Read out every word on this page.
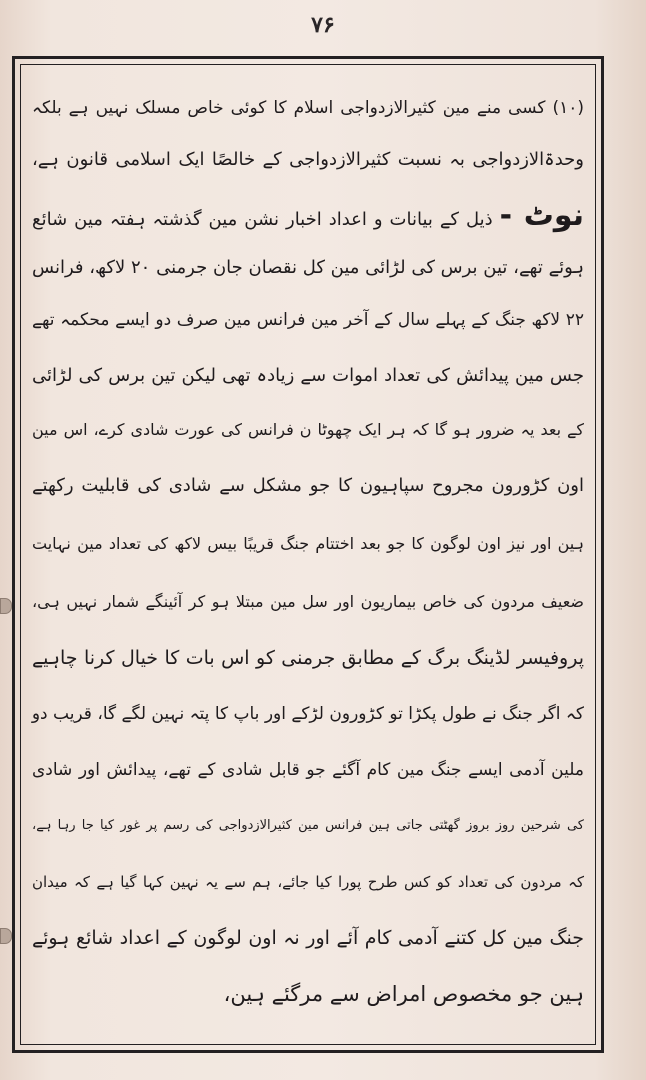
۷۶
(۱۰) کسی منے مین کثیرالازدواجی اسلام کا کوئی خاص مسلک نہیں ہے بلکہ
وحدۃالازدواجی بہ نسبت کثیرالازدواجی کے خالصًا ایک اسلامی قانون ہے،
نوٹ - ذیل کے بیانات و اعداد اخبار نشن مین گذشتہ ہفتہ مین شائع
ہوئے تھے، تین برس کی لڑائی مین کل نقصان جان جرمنی ۲۰ لاکھ، فرانس
۲۲ لاکھ جنگ کے پہلے سال کے آخر مین فرانس مین صرف دو ایسے محکمہ تھے
جس مین پیدائش کی تعداد اموات سے زیادہ تھی لیکن تین برس کی لڑائی
کے بعد یہ ضرور ہو گا کہ ہر ایک چھوٹا ن فرانس کی عورت شادی کرے، اس مین
اون کڑورون مجروح سپاہیون کا جو مشکل سے شادی کی قابلیت رکھتے
ہین اور نیز اون لوگون کا جو بعد اختتام جنگ قریبًا بیس لاکھ کی تعداد مین نہایت
ضعیف مردون کی خاص بیماریون اور سل مین مبتلا ہو کر آئینگے شمار نہیں ہی،
پروفیسر لڈینگ برگ کے مطابق جرمنی کو اس بات کا خیال کرنا چاہیے
کہ اگر جنگ نے طول پکڑا تو کڑورون لڑکے اور باپ کا پتہ نہین لگے گا، قریب دو
ملین آدمی ایسے جنگ مین کام آگئے جو قابل شادی کے تھے، پیدائش اور شادی
کی شرحین روز بروز گھٹتی جاتی ہین فرانس مین کثیرالازدواجی کی رسم پر غور کیا جا رہا ہے،
کہ مردون کی تعداد کو کس طرح پورا کیا جائے، ہم سے یہ نہین کہا گیا ہے کہ میدان
جنگ مین کل کتنے آدمی کام آئے اور نہ اون لوگون کے اعداد شائع ہوئے
ہین جو مخصوص امراض سے مرگئے ہین،
